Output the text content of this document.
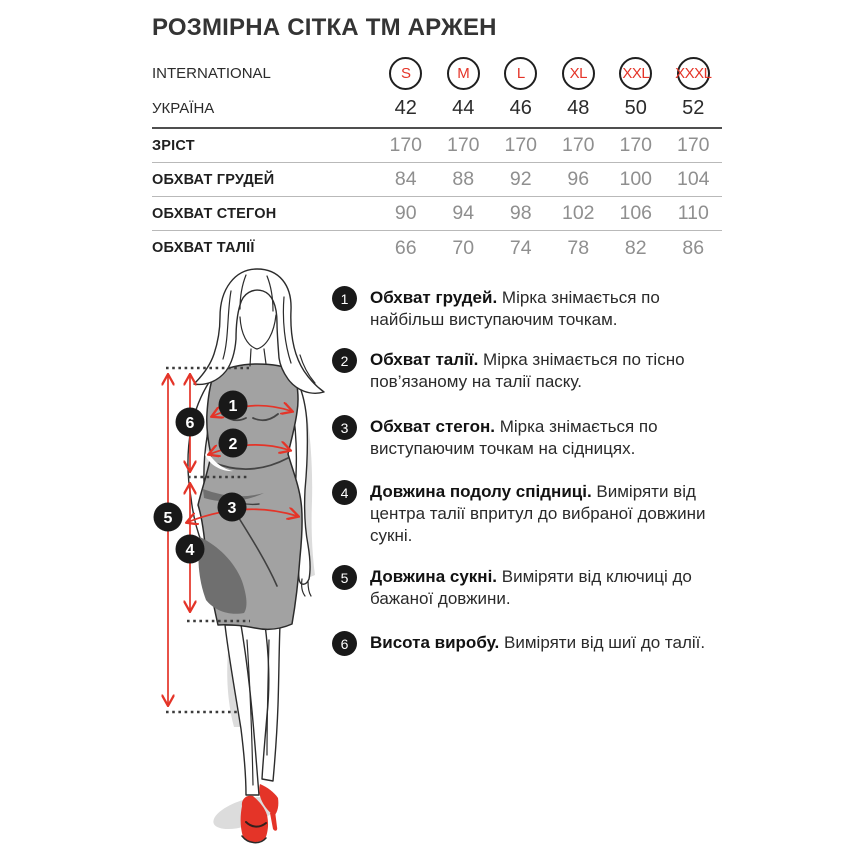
РОЗМІРНА СІТКА ТМ АРЖЕН
INTERNATIONAL	S	M	L	XL XXL XXXL
УКРАЇНА	42	44	46	48	50	52
ЗРІСТ	170	170	170	170	170	170
ОБХВАТ ГРУДЕЙ	84	88	92	96	100	104
ОБХВАТ СТЕГОН	90	94	98	102	106	110
ОБХВАТ ТАЛІЇ	66	70	74	78	82	86
1
2
3
4
5
6
1 Обхват грудей. Мірка знімається по найбільш виступаючим точкам.

2 Обхват талії. Мірка знімається по тісно пов’язаному на талії паску.

3 Обхват стегон. Мірка знімається по виступаючим точкам на сідницях.

4 Довжина подолу спідниці. Виміряти від центра талії впритул до вибраної довжини сукні.

5 Довжина сукні. Виміряти від ключиці до бажаної довжини.

6 Висота виробу. Виміряти від шиї до талії.
